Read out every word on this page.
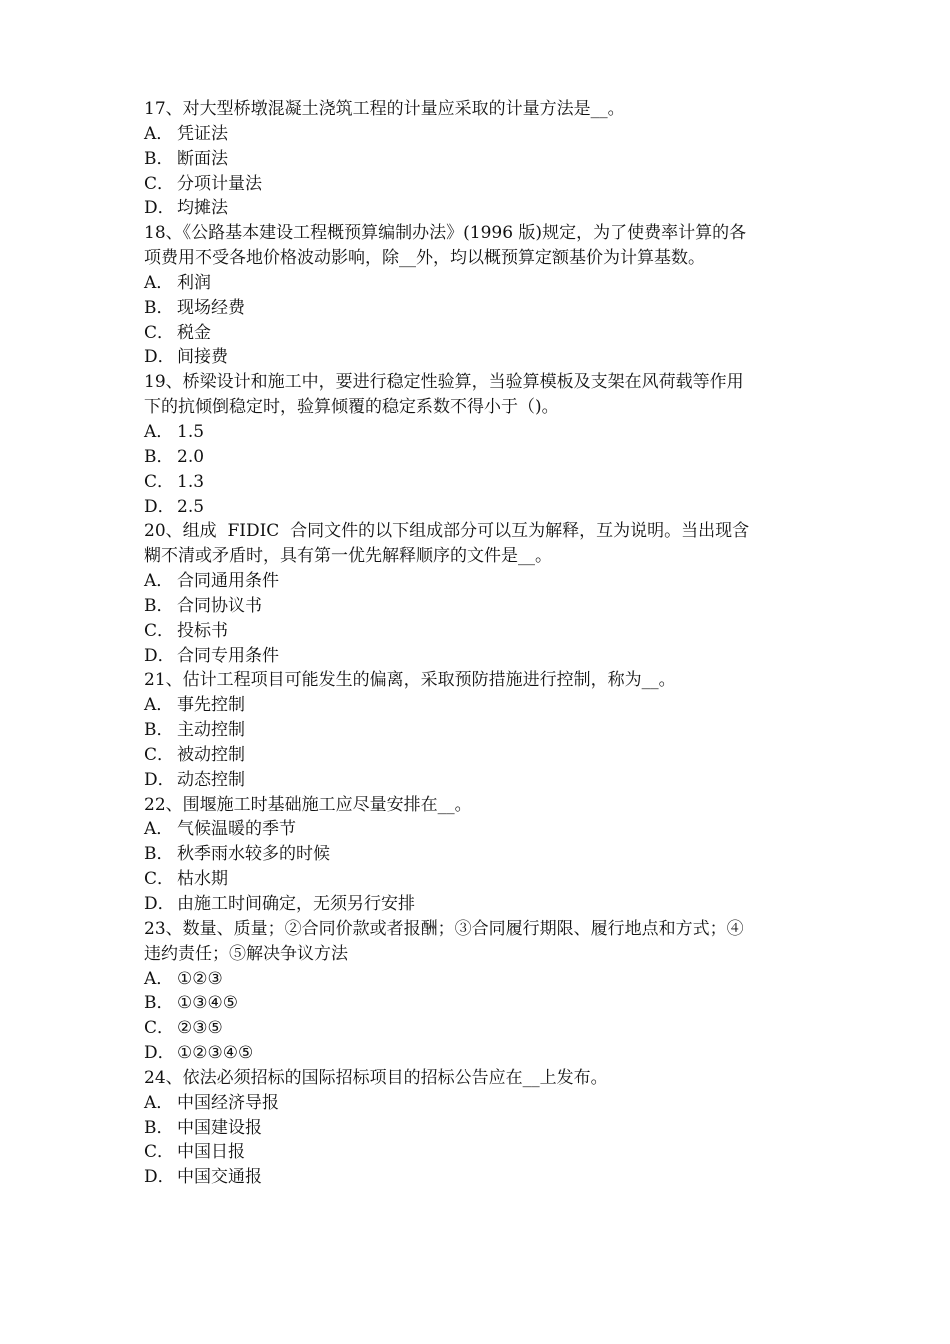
17、对大型桥墩混凝土浇筑工程的计量应采取的计量方法是__。
A． 凭证法
B． 断面法
C． 分项计量法
D． 均摊法
18、《公路基本建设工程概预算编制办法》(1996 版)规定，为了使费率计算的各
项费用不受各地价格波动影响，除__外，均以概预算定额基价为计算基数。
A． 利润
B． 现场经费
C． 税金
D． 间接费
19、桥梁设计和施工中，要进行稳定性验算，当验算模板及支架在风荷载等作用
下的抗倾倒稳定时，验算倾覆的稳定系数不得小于（)。
A． 1.5
B． 2.0
C． 1.3
D． 2.5
20、组成  FIDIC  合同文件的以下组成部分可以互为解释，互为说明。当出现含
糊不清或矛盾时，具有第一优先解释顺序的文件是__。
A． 合同通用条件
B． 合同协议书
C． 投标书
D． 合同专用条件
21、估计工程项目可能发生的偏离，采取预防措施进行控制，称为__。
A． 事先控制
B． 主动控制
C． 被动控制
D． 动态控制
22、围堰施工时基础施工应尽量安排在__。
A． 气候温暖的季节
B． 秋季雨水较多的时候
C． 枯水期
D． 由施工时间确定，无须另行安排
23、数量、质量；②合同价款或者报酬；③合同履行期限、履行地点和方式；④
违约责任；⑤解决争议方法
A． ①②③
B． ①③④⑤
C． ②③⑤
D． ①②③④⑤
24、依法必须招标的国际招标项目的招标公告应在__上发布。
A． 中国经济导报
B． 中国建设报
C． 中国日报
D． 中国交通报
